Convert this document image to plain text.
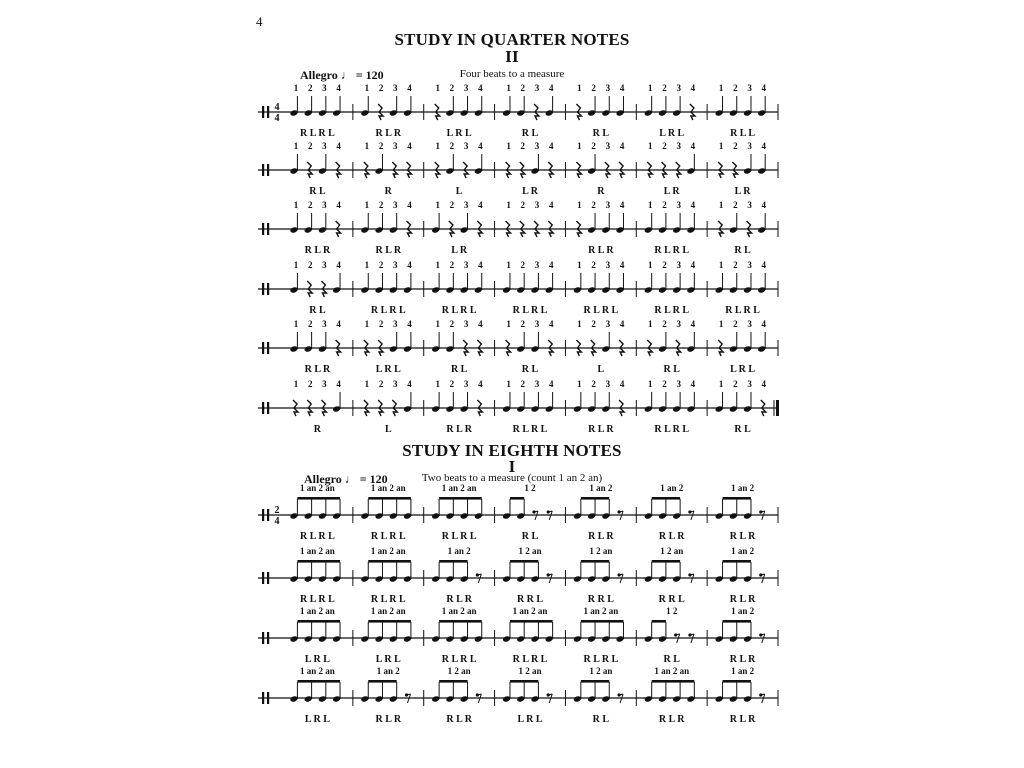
4
STUDY IN QUARTER NOTES
II
Allegro ♩ = 120	Four beats to a measure
STUDY IN EIGHTH NOTES
I
Allegro ♩ = 120	Two beats to a measure (count 1 an 2 an)
4
4
1 2 3 4
R L R L
1 2 3 4
R L R
1 2 3 4
L R L
1 2 3 4
R L
1 2 3 4
R L
1 2 3 4
L R L
1 2 3 4
R L L
1 2 3 4
R L
1 2 3 4
R
1 2 3 4
L
1 2 3 4
L R
1 2 3 4
R
1 2 3 4
L R
1 2 3 4
L R
1 2 3 4
R L R
1 2 3 4
R L R
1 2 3 4
L R
1 2 3 4	1 2 3 4
R L R
1 2 3 4
R L R L
1 2 3 4
R L
1 2 3 4
R L
1 2 3 4
R L R L
1 2 3 4
R L R L
1 2 3 4
R L R L
1 2 3 4
R L R L
1 2 3 4
R L R L
1 2 3 4
R L R L
1 2 3 4
R L R
1 2 3 4
L R L
1 2 3 4
R L
1 2 3 4
R L
1 2 3 4
L
1 2 3 4
R L
1 2 3 4
L R L
1 2 3 4
R
1 2 3 4
L
1 2 3 4
R L R
1 2 3 4
R L R L
1 2 3 4
R L R
1 2 3 4
R L R L
1 2 3 4
R L
2
4
1 an 2 an
R L R L
1 an 2 an
R L R L
1 an 2 an
R L R L
1 2
R L
1 an 2
R L R
1 an 2
R L R
1 an 2
R L R
1 an 2 an
R L R L
1 an 2 an
R L R L
1 an 2
R L R
1 2 an
R R L
1 2 an
R R L
1 2 an
R R L
1 an 2
R L R
1 an 2 an
L R L
1 an 2 an
L R L
1 an 2 an
R L R L
1 an 2 an
R L R L
1 an 2 an
R L R L
1 2
R L
1 an 2
R L R
1 an 2 an
L R L
1 an 2
R L R
1 2 an
R L R
1 2 an
L R L
1 2 an
R L
1 an 2 an
R L R
1 an 2
R L R
